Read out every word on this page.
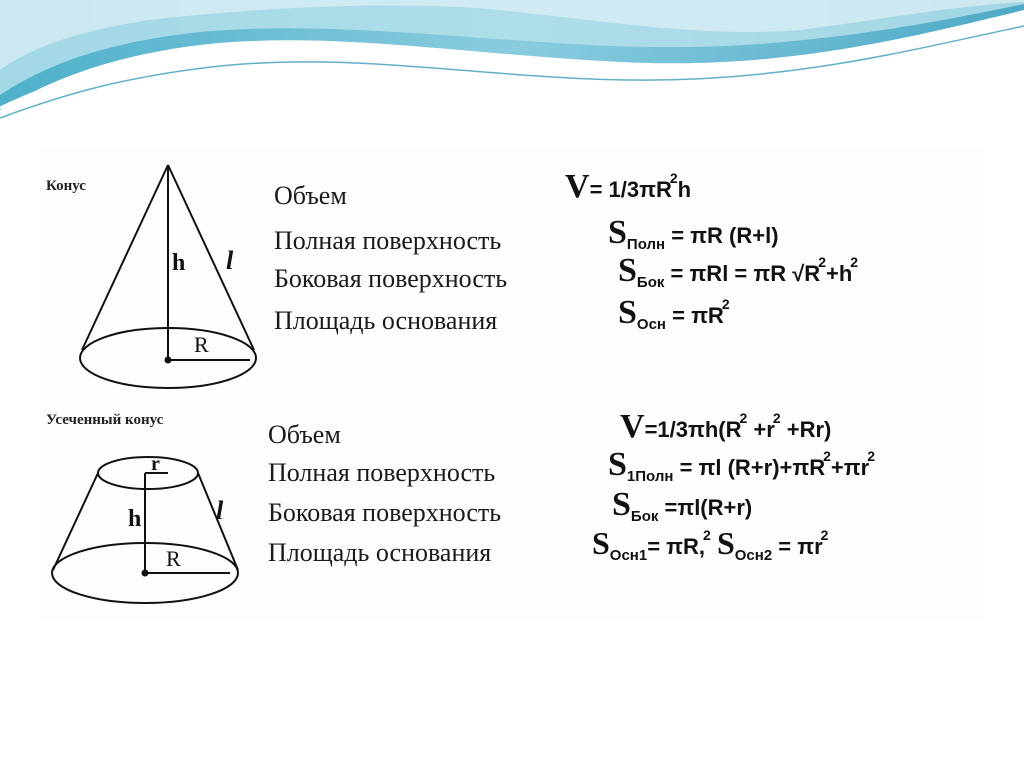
Конус
h l
R
Усеченный конус
r
h	l
R
Объем	$V= 1/3\pi R^2h$
Полная поверхность	$S_{Полн} = \pi R$ (R+l)
Боковая поверхность	$S_{Бок} = \pi Rl = \pi R$ $√R^2+h^2$
Площадь основания	$S_{Осн} = \pi R^2$
Объем	$V=1/3\pi h(R^2 +r^2 +Rr)$
Полная поверхность	$S_{1Полн} = \pi l$ $(R+r)+\pi R^2+\pi r^2$
Боковая поверхность	$S_{Бок} =\pi l(R+r)$
Площадь основания	$S_{Осн1}= \pi R,^2$ $S_{Осн2} = \pi r^2$
